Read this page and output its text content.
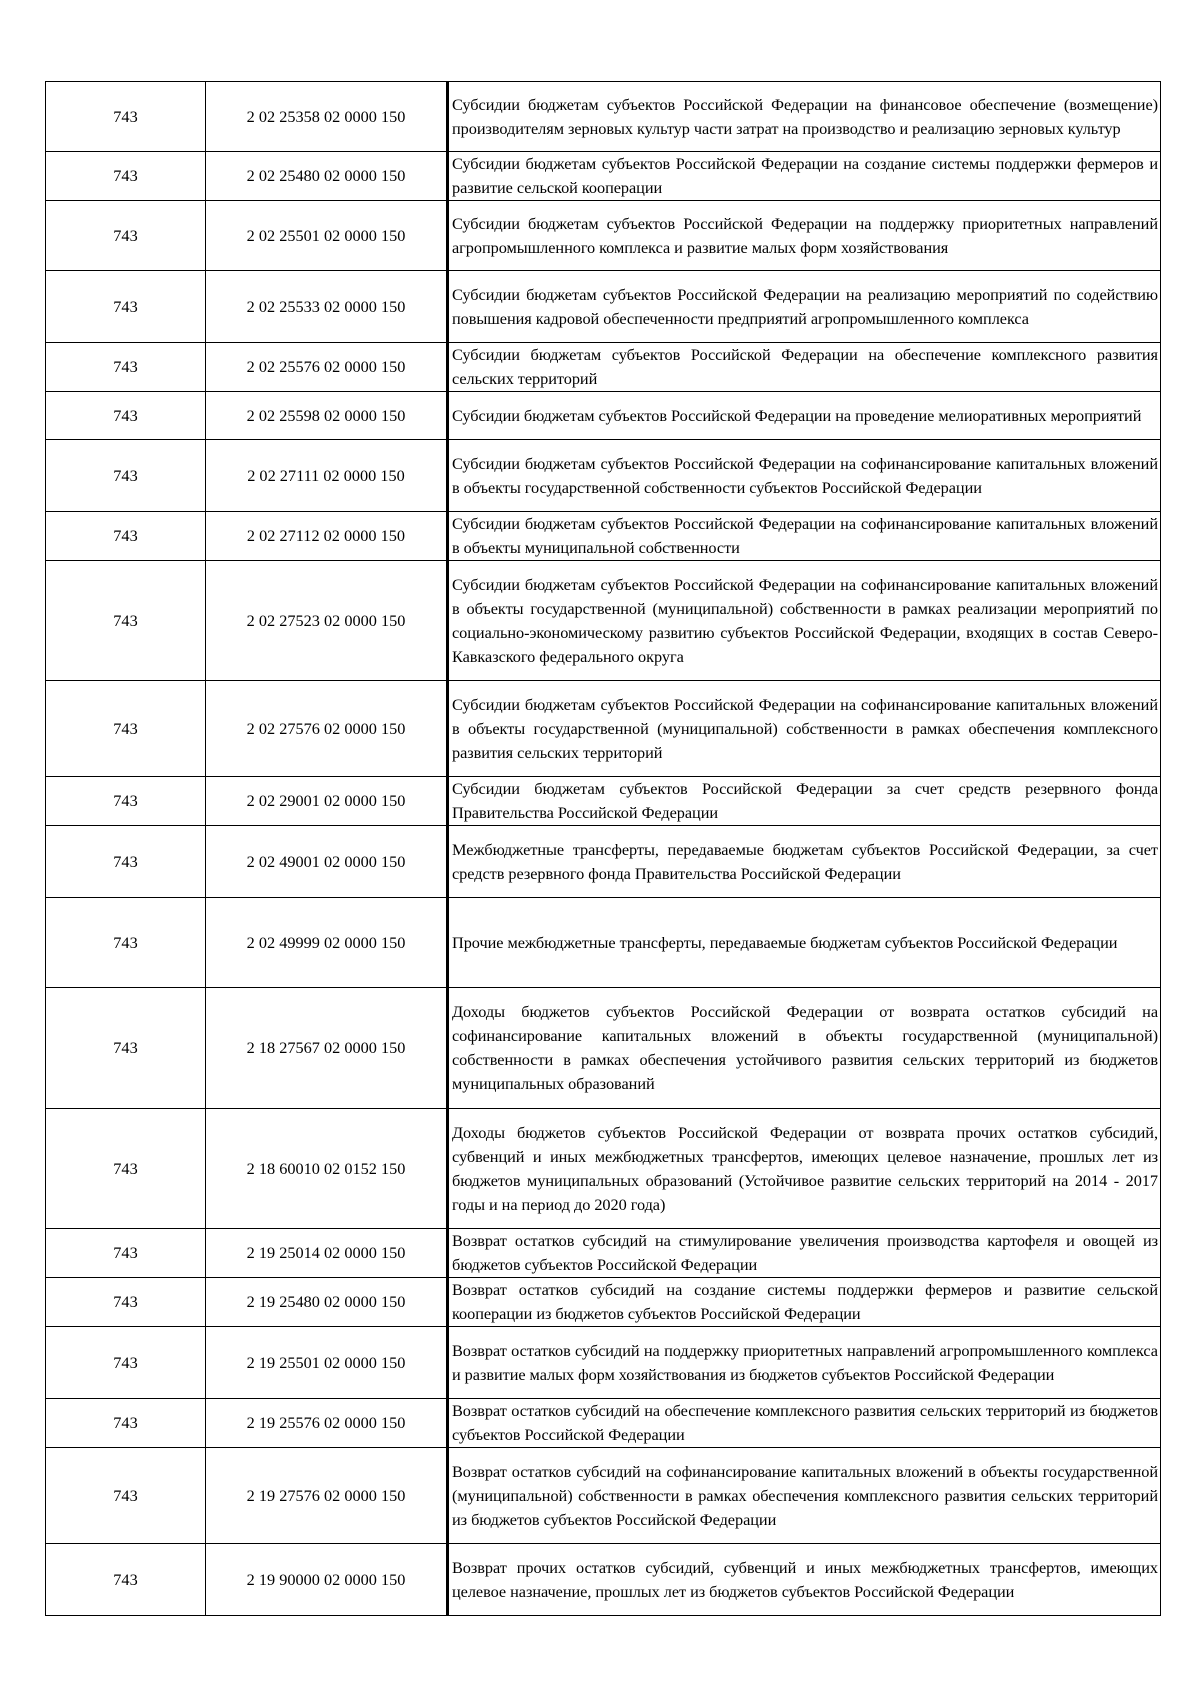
743	2 02 25358 02 0000 150	Субсидии бюджетам субъектов Российской Федерации на финансовое обеспечение (возмещение) производителям зерновых культур части затрат на производство и реализацию зерновых культур
743	2 02 25480 02 0000 150	Субсидии бюджетам субъектов Российской Федерации на создание системы поддержки фермеров и развитие сельской кооперации
743	2 02 25501 02 0000 150	Субсидии бюджетам субъектов Российской Федерации на поддержку приоритетных направлений агропромышленного комплекса и развитие малых форм хозяйствования
743	2 02 25533 02 0000 150	Субсидии бюджетам субъектов Российской Федерации на реализацию мероприятий по содействию повышения кадровой обеспеченности предприятий агропромышленного комплекса
743	2 02 25576 02 0000 150	Субсидии бюджетам субъектов Российской Федерации на обеспечение комплексного развития сельских территорий
743	2 02 25598 02 0000 150	Субсидии бюджетам субъектов Российской Федерации на проведение мелиоративных мероприятий
743	2 02 27111 02 0000 150	Субсидии бюджетам субъектов Российской Федерации на софинансирование капитальных вложений в объекты государственной собственности субъектов Российской Федерации
743	2 02 27112 02 0000 150	Субсидии бюджетам субъектов Российской Федерации на софинансирование капитальных вложений в объекты муниципальной собственности
743	2 02 27523 02 0000 150	Субсидии бюджетам субъектов Российской Федерации на софинансирование капитальных вложений в объекты государственной (муниципальной) собственности в рамках реализации мероприятий по социально-экономическому развитию субъектов Российской Федерации, входящих в состав Северо-Кавказского федерального округа
743	2 02 27576 02 0000 150	Субсидии бюджетам субъектов Российской Федерации на софинансирование капитальных вложений в объекты государственной (муниципальной) собственности в рамках обеспечения комплексного развития сельских территорий
743	2 02 29001 02 0000 150	Субсидии бюджетам субъектов Российской Федерации за счет средств резервного фонда Правительства Российской Федерации
743	2 02 49001 02 0000 150	Межбюджетные трансферты, передаваемые бюджетам субъектов Российской Федерации, за счет средств резервного фонда Правительства Российской Федерации
743	2 02 49999 02 0000 150	Прочие межбюджетные трансферты, передаваемые бюджетам субъектов Российской Федерации
743	2 18 27567 02 0000 150	Доходы бюджетов субъектов Российской Федерации от возврата остатков субсидий на софинансирование капитальных вложений в объекты государственной (муниципальной) собственности в рамках обеспечения устойчивого развития сельских территорий из бюджетов муниципальных образований
743	2 18 60010 02 0152 150	Доходы бюджетов субъектов Российской Федерации от возврата прочих остатков субсидий, субвенций и иных межбюджетных трансфертов, имеющих целевое назначение, прошлых лет из бюджетов муниципальных образований (Устойчивое развитие сельских территорий на 2014 - 2017 годы и на период до 2020 года)
743	2 19 25014 02 0000 150	Возврат остатков субсидий на стимулирование увеличения производства картофеля и овощей из бюджетов субъектов Российской Федерации
743	2 19 25480 02 0000 150	Возврат остатков субсидий на создание системы поддержки фермеров и развитие сельской кооперации из бюджетов субъектов Российской Федерации
743	2 19 25501 02 0000 150	Возврат остатков субсидий на поддержку приоритетных направлений агропромышленного комплекса и развитие малых форм хозяйствования из бюджетов субъектов Российской Федерации
743	2 19 25576 02 0000 150	Возврат остатков субсидий на обеспечение комплексного развития сельских территорий из бюджетов субъектов Российской Федерации
743	2 19 27576 02 0000 150	Возврат остатков субсидий на софинансирование капитальных вложений в объекты государственной (муниципальной) собственности в рамках обеспечения комплексного развития сельских территорий из бюджетов субъектов Российской Федерации
743	2 19 90000 02 0000 150	Возврат прочих остатков субсидий, субвенций и иных межбюджетных трансфертов, имеющих целевое назначение, прошлых лет из бюджетов субъектов Российской Федерации
